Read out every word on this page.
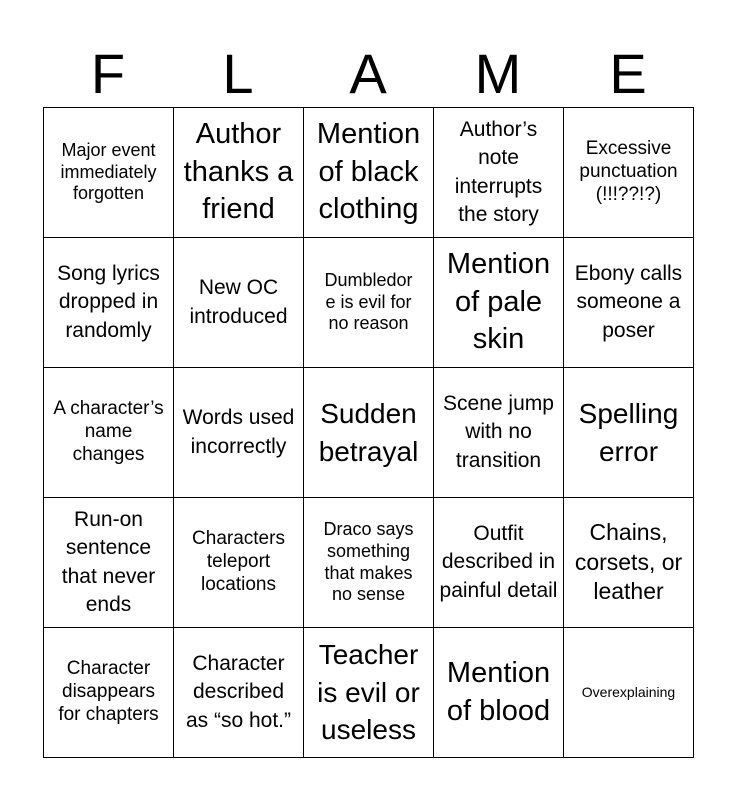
F	L	A	M	E
Major event immediately forgotten	Author thanks a friend	Mention of black clothing	Author’s note interrupts the story	Excessive punctuation (!!!??!?)

Song lyrics dropped in randomly	New OC introduced	Dumbledore is evil for no reason	Mention of pale skin	Ebony calls someone a poser

A character’s name changes	Words used incorrectly	Sudden betrayal	Scene jump with no transition	Spelling error

Run-on sentence that never ends	Characters teleport locations	Draco says something that makes no sense	Outfit described in painful detail	Chains, corsets, or leather

Character disappears for chapters	Character described as “so hot.”	Teacher is evil or useless	Mention of blood	Overexplaining
